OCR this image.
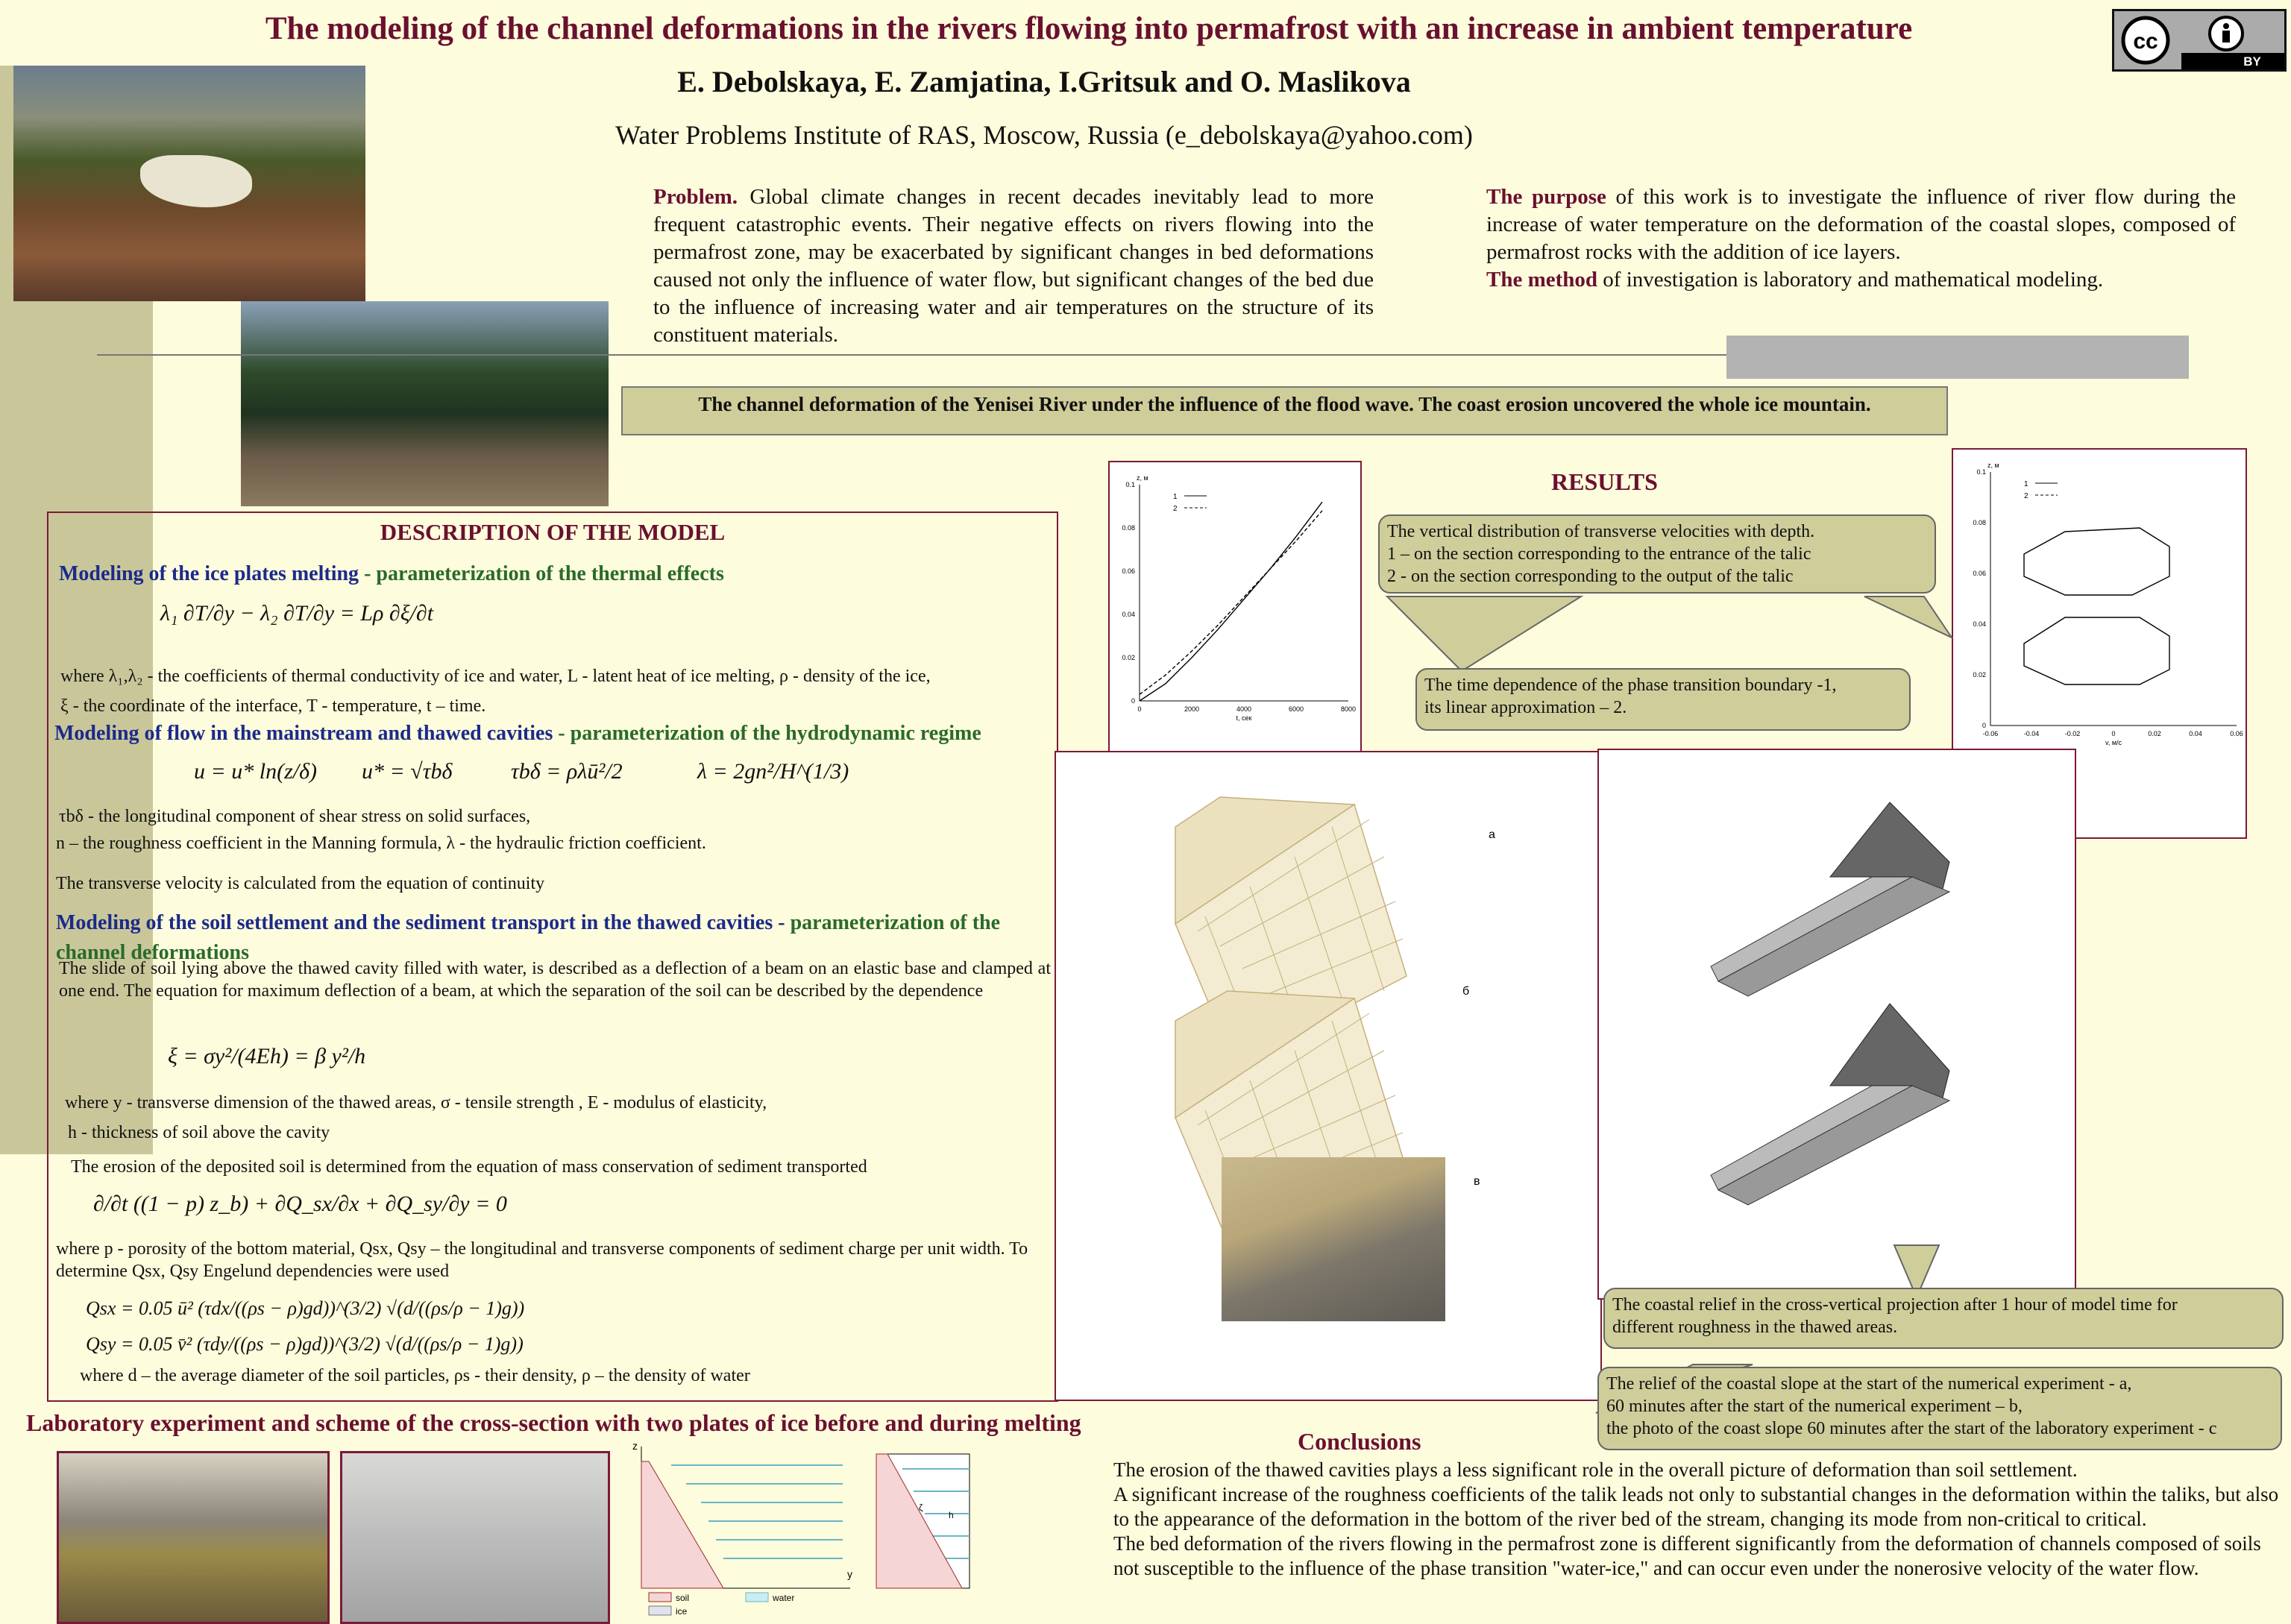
The modeling of the channel deformations in the rivers flowing into permafrost with an increase in ambient temperature
E. Debolskaya, E. Zamjatina, I.Gritsuk and O. Maslikova
Water Problems Institute of RAS, Moscow, Russia (e_debolskaya@yahoo.com)
cc
BY
Problem. Global climate changes in recent decades inevitably lead to more frequent catastrophic events. Their negative effects on rivers flowing into the permafrost zone, may be exacerbated by significant changes in bed deformations caused not only the influence of water flow, but significant changes of the bed due to the influence of increasing water and air temperatures on the structure of its constituent materials.
The purpose of this work is to investigate the influence of river flow during the increase of water temperature on the deformation of the coastal slopes, composed of permafrost rocks with the addition of ice layers.
The method of investigation is laboratory and mathematical modeling.
The channel deformation of the Yenisei River under the influence of the flood wave. The coast erosion uncovered the whole ice mountain.
DESCRIPTION OF THE MODEL
Modeling of the ice plates melting - parameterization of the thermal effects
λ₁ ∂T/∂y − λ₂ ∂T/∂y = Lρ ∂ξ/∂t
where λ₁,λ₂ - the coefficients of thermal conductivity of ice and water, L - latent heat of ice melting, ρ - density of the ice,
ξ - the coordinate of the interface, T - temperature, t – time.
Modeling of flow in the mainstream and thawed cavities - parameterization of the hydrodynamic regime
u = u* ln(z/δ) u* = √τbδ	τbδ = ρλū²/2	λ = 2gn²/H^(1/3)
τbδ - the longitudinal component of shear stress on solid surfaces,
n – the roughness coefficient in the Manning formula, λ - the hydraulic friction coefficient.
The transverse velocity is calculated from the equation of continuity
Modeling of the soil settlement and the sediment transport in the thawed cavities - parameterization of the channel deformations
The slide of soil lying above the thawed cavity filled with water, is described as a deflection of a beam on an elastic base and clamped at one end. The equation for maximum deflection of a beam, at which the separation of the soil can be described by the dependence
ξ = σy²/(4Eh) = β y²/h
where y - transverse dimension of the thawed areas, σ - tensile strength , E - modulus of elasticity,
h - thickness of soil above the cavity
The erosion of the deposited soil is determined from the equation of mass conservation of sediment transported
∂/∂t ((1 − p) z_b) + ∂Q_sx/∂x + ∂Q_sy/∂y = 0
where p - porosity of the bottom material, Qsx, Qsy – the longitudinal and transverse components of sediment charge per unit width. To determine Qsx, Qsy Engelund dependencies were used
Qsx = 0.05 ū² (τdx/((ρs − ρ)gd))^(3/2) √(d/((ρs/ρ − 1)g))
Qsy = 0.05 v̄² (τdy/((ρs − ρ)gd))^(3/2) √(d/((ρs/ρ − 1)g))
where d – the average diameter of the soil particles, ρs - their density, ρ – the density of water
RESULTS
0	2000	4000	6000	8000
0
0.02
0.04
0.06
0.08
0.1
z, м
t, сек
1
2
-0.06	-0.04	-0.02	0	0.02	0.04	0.06
0
0.02
0.04
0.06
0.08
0.1
z, м
v, м/с
1
2
The vertical distribution of transverse velocities with depth.
1 – on the section corresponding to the entrance of the talic
2 - on the section corresponding to the output of the talic
The time dependence of the phase transition boundary -1,
its linear approximation – 2.
а
б
в
The coastal relief in the cross-vertical projection after 1 hour of model time for
different roughness in the thawed areas.
The relief of the coastal slope at the start of the numerical experiment - a,
60 minutes after the start of the numerical experiment – b,
the photo of the coast slope 60 minutes after the start of the laboratory experiment - c
Laboratory experiment and scheme of the cross-section with two plates of ice before and during melting
z
y
ζ
h
soil	water
ice
Conclusions
The erosion of the thawed cavities plays a less significant role in the overall picture of deformation than soil settlement.
A significant increase of the roughness coefficients of the talik leads not only to substantial changes in the deformation within the taliks, but also to the appearance of the deformation in the bottom of the river bed of the stream, changing its mode from non-critical to critical.
The bed deformation of the rivers flowing in the permafrost zone is different significantly from the deformation of channels composed of soils not susceptible to the influence of the phase transition "water-ice," and can occur even under the nonerosive velocity of the water flow.
